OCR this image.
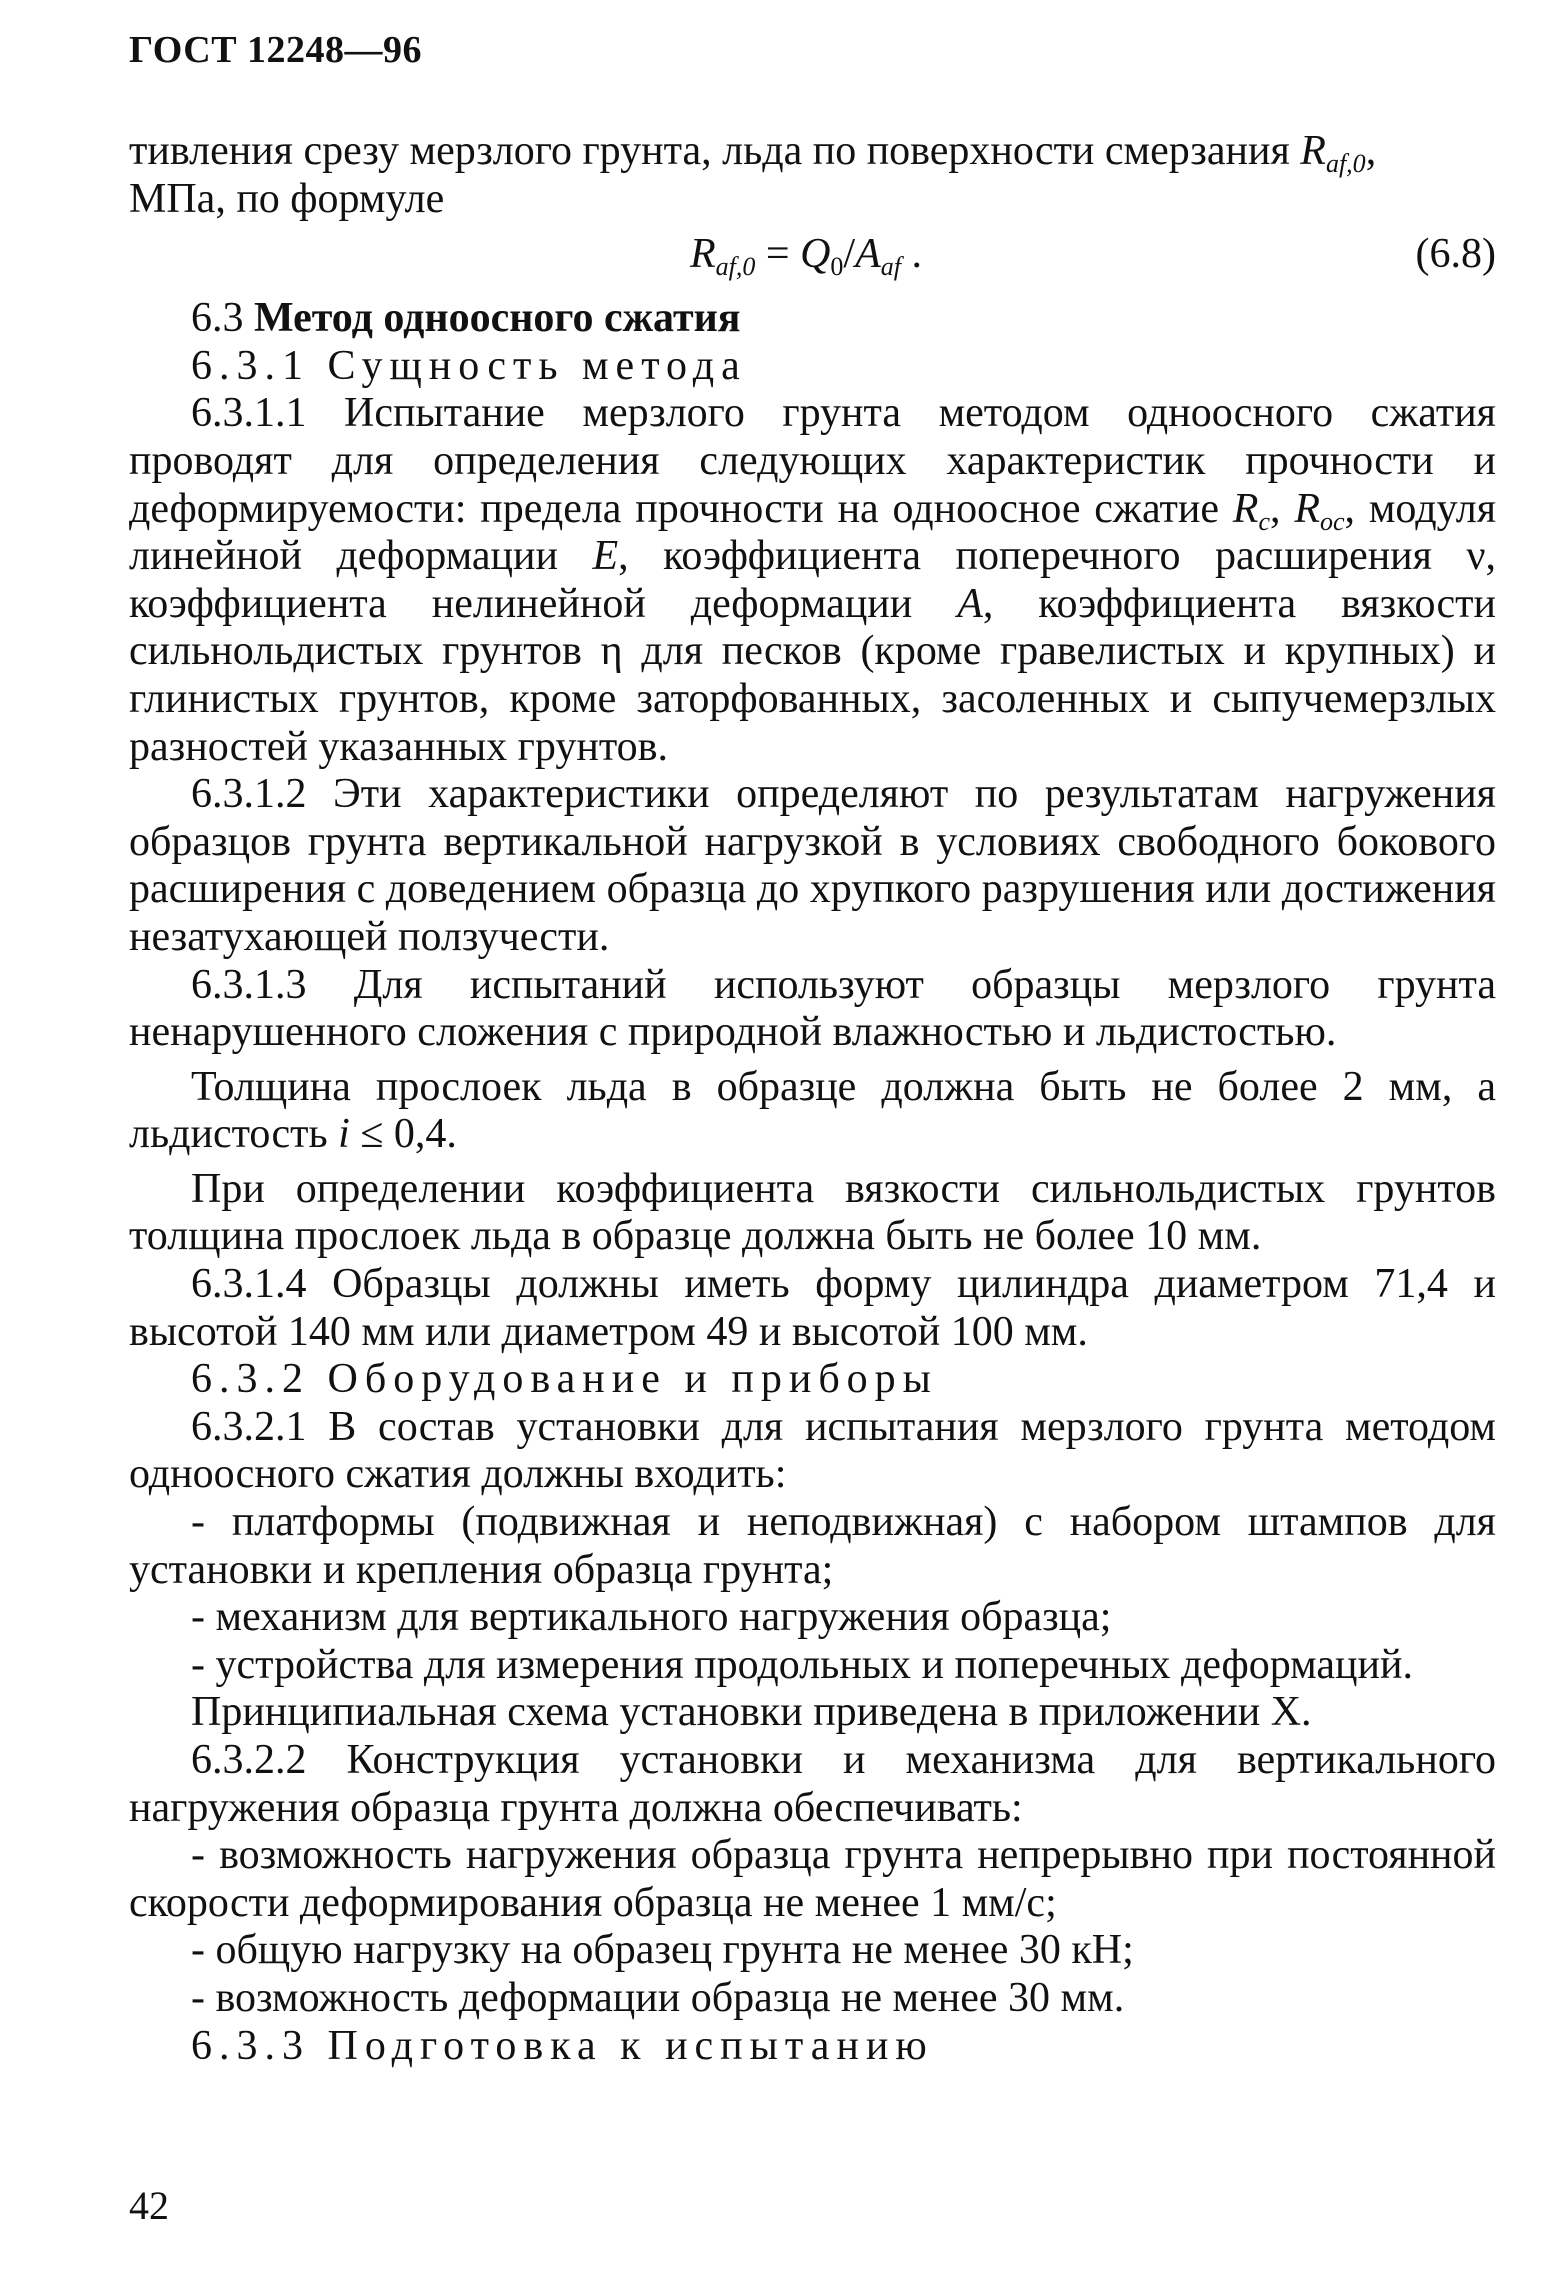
ГОСТ 12248—96

тивления срезу мерзлого грунта, льда по поверхности смерзания $R_{af,0}$,
МПа, по формуле

$R_{af,0} = Q_0/A_{af}$ .	(6.8)

6.3 Метод одноосного сжатия

6.3.1 Сущность метода

6.3.1.1 Испытание мерзлого грунта методом одноосного сжатия проводят для определения следующих характеристик прочности и деформируемости: предела прочности на одноосное сжатие $R_c$, $R_{oc}$, модуля линейной деформации E, коэффициента поперечного расширения ν, коэффициента нелинейной деформации A, коэффициента вязкости сильнольдистых грунтов η для песков (кроме гравелистых и крупных) и глинистых грунтов, кроме заторфованных, засоленных и сыпучемерзлых разностей указанных грунтов.

6.3.1.2 Эти характеристики определяют по результатам нагружения образцов грунта вертикальной нагрузкой в условиях свободного бокового расширения с доведением образца до хрупкого разрушения или достижения незатухающей ползучести.

6.3.1.3 Для испытаний используют образцы мерзлого грунта ненарушенного сложения с природной влажностью и льдистостью.

Толщина прослоек льда в образце должна быть не более 2 мм, а льдистость i ≤ 0,4.

При определении коэффициента вязкости сильнольдистых грунтов толщина прослоек льда в образце должна быть не более 10 мм.

6.3.1.4 Образцы должны иметь форму цилиндра диаметром 71,4 и высотой 140 мм или диаметром 49 и высотой 100 мм.

6.3.2 Оборудование и приборы

6.3.2.1 В состав установки для испытания мерзлого грунта методом одноосного сжатия должны входить:

- платформы (подвижная и неподвижная) с набором штампов для установки и крепления образца грунта;

- механизм для вертикального нагружения образца;

- устройства для измерения продольных и поперечных деформаций.

Принципиальная схема установки приведена в приложении X.

6.3.2.2 Конструкция установки и механизма для вертикального нагружения образца грунта должна обеспечивать:

- возможность нагружения образца грунта непрерывно при постоянной скорости деформирования образца не менее 1 мм/с;

- общую нагрузку на образец грунта не менее 30 кН;

- возможность деформации образца не менее 30 мм.

6.3.3 Подготовка к испытанию

42
